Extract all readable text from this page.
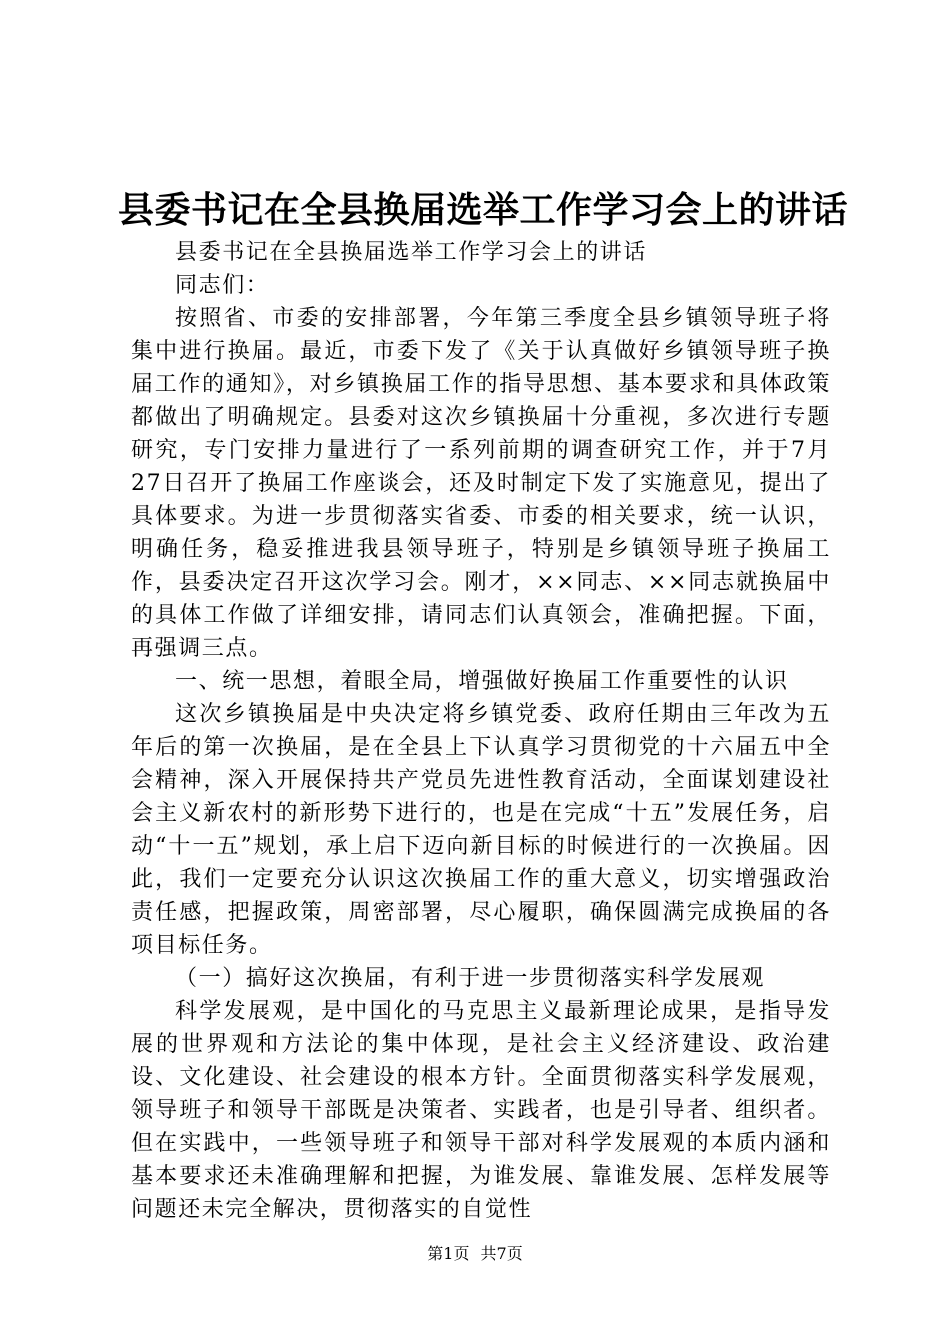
县委书记在全县换届选举工作学习会上的讲话

县委书记在全县换届选举工作学习会上的讲话

同志们：

按照省、市委的安排部署，今年第三季度全县乡镇领导班子将集中进行换届。最近，市委下发了《关于认真做好乡镇领导班子换届工作的通知》，对乡镇换届工作的指导思想、基本要求和具体政策都做出了明确规定。县委对这次乡镇换届十分重视，多次进行专题研究，专门安排力量进行了一系列前期的调查研究工作，并于7月27日召开了换届工作座谈会，还及时制定下发了实施意见，提出了具体要求。为进一步贯彻落实省委、市委的相关要求，统一认识，明确任务，稳妥推进我县领导班子，特别是乡镇领导班子换届工作，县委决定召开这次学习会。刚才，××同志、××同志就换届中的具体工作做了详细安排，请同志们认真领会，准确把握。下面，再强调三点。

一、统一思想，着眼全局，增强做好换届工作重要性的认识

这次乡镇换届是中央决定将乡镇党委、政府任期由三年改为五年后的第一次换届，是在全县上下认真学习贯彻党的十六届五中全会精神，深入开展保持共产党员先进性教育活动，全面谋划建设社会主义新农村的新形势下进行的，也是在完成“十五”发展任务，启动“十一五”规划，承上启下迈向新目标的时候进行的一次换届。因此，我们一定要充分认识这次换届工作的重大意义，切实增强政治责任感，把握政策，周密部署，尽心履职，确保圆满完成换届的各项目标任务。

（一）搞好这次换届，有利于进一步贯彻落实科学发展观

科学发展观，是中国化的马克思主义最新理论成果，是指导发展的世界观和方法论的集中体现，是社会主义经济建设、政治建设、文化建设、社会建设的根本方针。全面贯彻落实科学发展观，领导班子和领导干部既是决策者、实践者，也是引导者、组织者。但在实践中，一些领导班子和领导干部对科学发展观的本质内涵和基本要求还未准确理解和把握，为谁发展、靠谁发展、怎样发展等问题还未完全解决，贯彻落实的自觉性

第1页 共7页
